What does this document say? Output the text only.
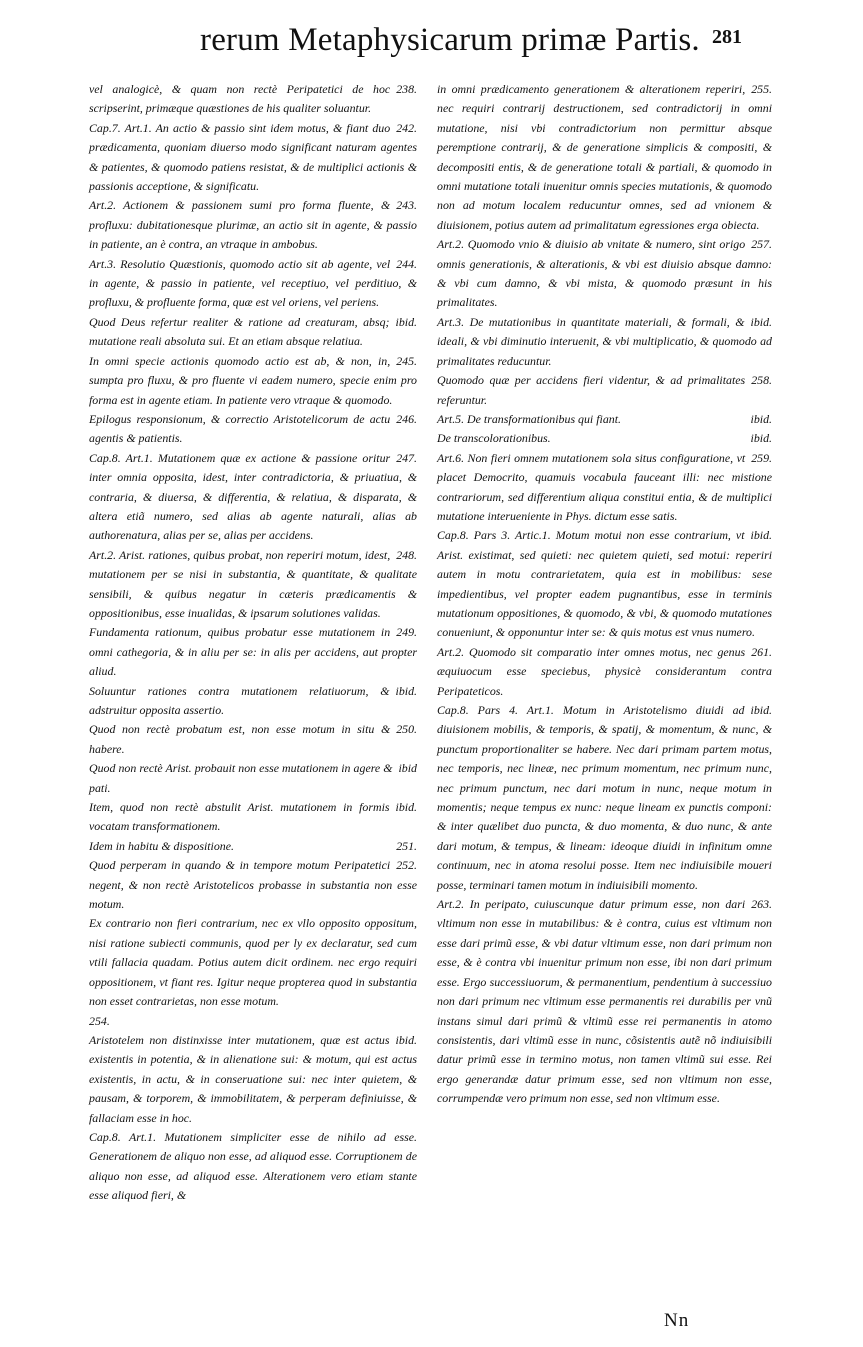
rerum Metaphysicarum primæ Partis. 281

238.
vel analogicè, & quam non rectè Peripatetici de hoc scripserint, primæque quæstiones de his qualiter soluantur.

242.
Cap.7. Art.1. An actio & passio sint idem motus, & fiant duo prædicamenta, quoniam diuerso modo significant naturam agentes & patientes, & quomodo patiens resistat, & de multiplici actionis & passionis acceptione, & significatu.

243.
Art.2. Actionem & passionem sumi pro forma fluente, & profluxu: dubitationesque plurimæ, an actio sit in agente, & passio in patiente, an è contra, an vtraque in ambobus.

244.
Art.3. Resolutio Quæstionis, quomodo actio sit ab agente, vel in agente, & passio in patiente, vel receptiuo, vel perditiuo, & profluxu, & profluente forma, quæ est vel oriens, vel periens.

ibid.
Quod Deus refertur realiter & ratione ad creaturam, absq; mutatione reali absoluta sui. Et an etiam absque relatiua.

245.
In omni specie actionis quomodo actio est ab, & non, in, sumpta pro fluxu, & pro fluente vi eadem numero, specie enim pro forma est in agente etiam. In patiente vero vtraque & quomodo.

246.
Epilogus responsionum, & correctio Aristotelicorum de actu agentis & patientis.

247.
Cap.8. Art.1. Mutationem quæ ex actione & passione oritur inter omnia opposita, idest, inter contradictoria, & priuatiua, & contraria, & diuersa, & differentia, & relatiua, & disparata, & altera etiã numero, sed alias ab agente naturali, alias ab authorenatura, alias per se, alias per accidens.

248.
Art.2. Arist. rationes, quibus probat, non reperiri motum, idest, mutationem per se nisi in substantia, & quantitate, & qualitate sensibili, & quibus negatur in cæteris prædicamentis & oppositionibus, esse inualidas, & ipsarum solutiones validas.

249.
Fundamenta rationum, quibus probatur esse mutationem in omni cathegoria, & in aliu per se: in alis per accidens, aut propter aliud.

ibid.
Soluuntur rationes contra mutationem relatiuorum, & adstruitur opposita assertio.

250.
Quod non rectè probatum est, non esse motum in situ & habere.

ibid
Quod non rectè Arist. probauit non esse mutationem in agere & pati.

ibid.
Item, quod non rectè abstulit Arist. mutationem in formis vocatam transformationem.

251.
Idem in habitu & dispositione.

252.
Quod perperam in quando & in tempore motum Peripatetici negent, & non rectè Aristotelicos probasse in substantia non esse motum.

Ex contrario non fieri contrarium, nec ex vllo opposito oppositum, nisi ratione subiecti communis, quod per ly ex declaratur, sed cum vtili fallacia quadam. Potius autem dicit ordinem. nec ergo requiri oppositionem, vt fiant res. Igitur neque propterea quod in substantia non esset contrarietas, non esse motum.
254.

ibid.
Aristotelem non distinxisse inter mutationem, quæ est actus existentis in potentia, & in alienatione sui: & motum, qui est actus existentis, in actu, & in conseruatione sui: nec inter quietem, & pausam, & torporem, & immobilitatem, & perperam definiuisse, & fallaciam esse in hoc.

Cap.8. Art.1. Mutationem simpliciter esse de nihilo ad esse. Generationem de aliquo non esse, ad aliquod esse. Corruptionem de aliquo non esse, ad aliquod esse. Alterationem vero etiam stante esse aliquod fieri, &

255.
in omni prædicamento generationem & alterationem reperiri, nec requiri contrarij destructionem, sed contradictorij in omni mutatione, nisi vbi contradictorium non permittur absque peremptione contrarij, & de generatione simplicis & compositi, & decompositi entis, & de generatione totali & partiali, & quomodo in omni mutatione totali inuenitur omnis species mutationis, & quomodo non ad motum localem reducuntur omnes, sed ad vnionem & diuisionem, potius autem ad primalitatum egressiones erga obiecta.

257.
Art.2. Quomodo vnio & diuisio ab vnitate & numero, sint origo omnis generationis, & alterationis, & vbi est diuisio absque damno: & vbi cum damno, & vbi mista, & quomodo præsunt in his primalitates.

ibid.
Art.3. De mutationibus in quantitate materiali, & formali, & ideali, & vbi diminutio interuenit, & vbi multiplicatio, & quomodo ad primalitates reducuntur.

258.
Quomodo quæ per accidens fieri videntur, & ad primalitates referuntur.

ibid.
Art.5. De transformationibus qui fiant.

ibid.
De transcolorationibus.

259.
Art.6. Non fieri omnem mutationem sola situs configuratione, vt placet Democrito, quamuis vocabula fauceant illi: nec mistione contrariorum, sed differentium aliqua constitui entia, & de multiplici mutatione interueniente in Phys. dictum esse satis.

ibid.
Cap.8. Pars 3. Artic.1. Motum motui non esse contrarium, vt Arist. existimat, sed quieti: nec quietem quieti, sed motui: reperiri autem in motu contrarietatem, quia est in mobilibus: sese impedientibus, vel propter eadem pugnantibus, esse in terminis mutationum oppositiones, & quomodo, & vbi, & quomodo mutationes conueniunt, & opponuntur inter se: & quis motus est vnus numero.

261.
Art.2. Quomodo sit comparatio inter omnes motus, nec genus æquiuocum esse speciebus, physicè considerantum contra Peripateticos.

ibid.
Cap.8. Pars 4. Art.1. Motum in Aristotelismo diuidi ad diuisionem mobilis, & temporis, & spatij, & momentum, & nunc, & punctum proportionaliter se habere. Nec dari primam partem motus, nec temporis, nec lineæ, nec primum momentum, nec primum nunc, nec primum punctum, nec dari motum in nunc, neque motum in momentis; neque tempus ex nunc: neque lineam ex punctis componi: & inter quælibet duo puncta, & duo momenta, & duo nunc, & ante dari motum, & tempus, & lineam: ideoque diuidi in infinitum omne continuum, nec in atoma resolui posse. Item nec indiuisibile moueri posse, terminari tamen motum in indiuisibili momento.

263.
Art.2. In peripato, cuiuscunque datur primum esse, non dari vltimum non esse in mutabilibus: & è contra, cuius est vltimum non esse dari primũ esse, & vbi datur vltimum esse, non dari primum non esse, & è contra vbi inuenitur primum non esse, ibi non dari primum esse. Ergo successiuorum, & permanentium, pendentium à successiuo non dari primum nec vltimum esse permanentis rei durabilis per vnũ instans simul dari primũ & vltimũ esse rei permanentis in atomo consistentis, dari vltimũ esse in nunc, cõsistentis autẽ nõ indiuisibili datur primũ esse in termino motus, non tamen vltimũ sui esse. Rei ergo generandæ datur primum esse, sed non vltimum non esse, corrumpendæ vero primum non esse, sed non vltimum esse.

Nn
